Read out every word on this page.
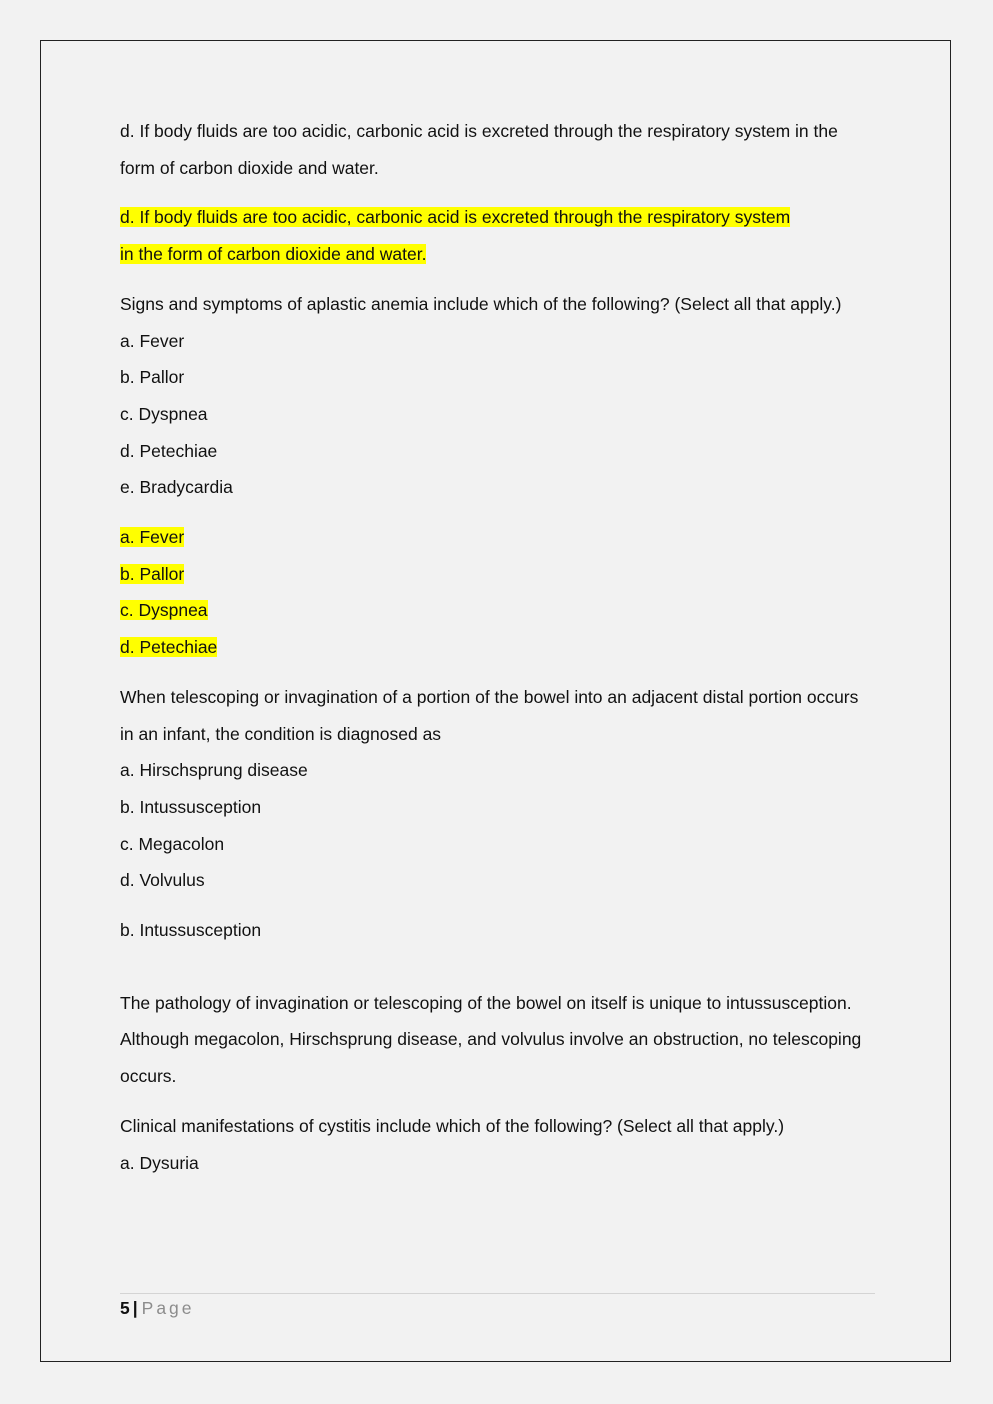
d. If body fluids are too acidic, carbonic acid is excreted through the respiratory system in the form of carbon dioxide and water.

d. If body fluids are too acidic, carbonic acid is excreted through the respiratory system
in the form of carbon dioxide and water.

Signs and symptoms of aplastic anemia include which of the following? (Select all that apply.)

a. Fever

b. Pallor

c. Dyspnea

d. Petechiae

e. Bradycardia

a. Fever

b. Pallor

c. Dyspnea

d. Petechiae

When telescoping or invagination of a portion of the bowel into an adjacent distal portion occurs in an infant, the condition is diagnosed as

a. Hirschsprung disease

b. Intussusception

c. Megacolon

d. Volvulus

b. Intussusception

The pathology of invagination or telescoping of the bowel on itself is unique to intussusception.

Although megacolon, Hirschsprung disease, and volvulus involve an obstruction, no telescoping occurs.

Clinical manifestations of cystitis include which of the following? (Select all that apply.)

a. Dysuria

5 | Page
